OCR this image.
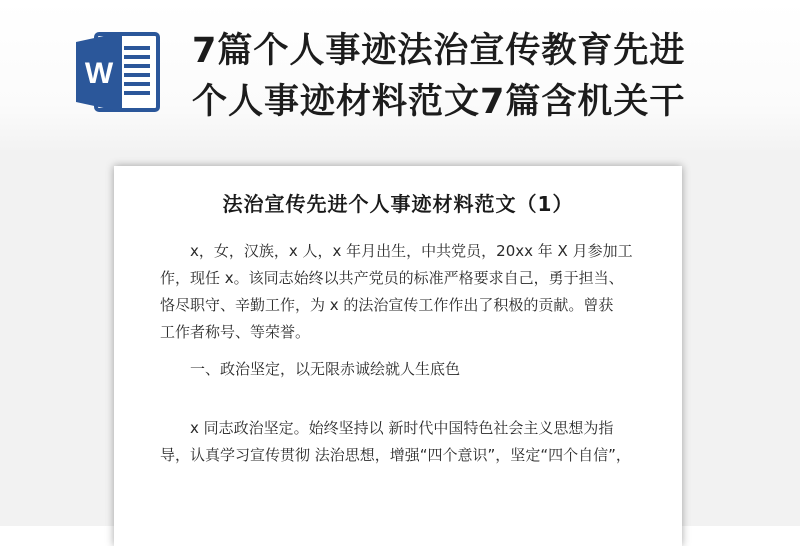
W
7篇个人事迹法治宣传教育先进
个人事迹材料范文7篇含机关干
法治宣传先进个人事迹材料范文（1）
x，女，汉族，x 人，x 年月出生，中共党员，20xx 年 X 月参加工
作，现任 x。该同志始终以共产党员的标准严格要求自己，勇于担当、
恪尽职守、辛勤工作，为 x 的法治宣传工作作出了积极的贡献。曾获
工作者称号、等荣誉。
一、政治坚定，以无限赤诚绘就人生底色
x 同志政治坚定。始终坚持以 新时代中国特色社会主义思想为指
导，认真学习宣传贯彻 法治思想，增强“四个意识”，坚定“四个自信”，
